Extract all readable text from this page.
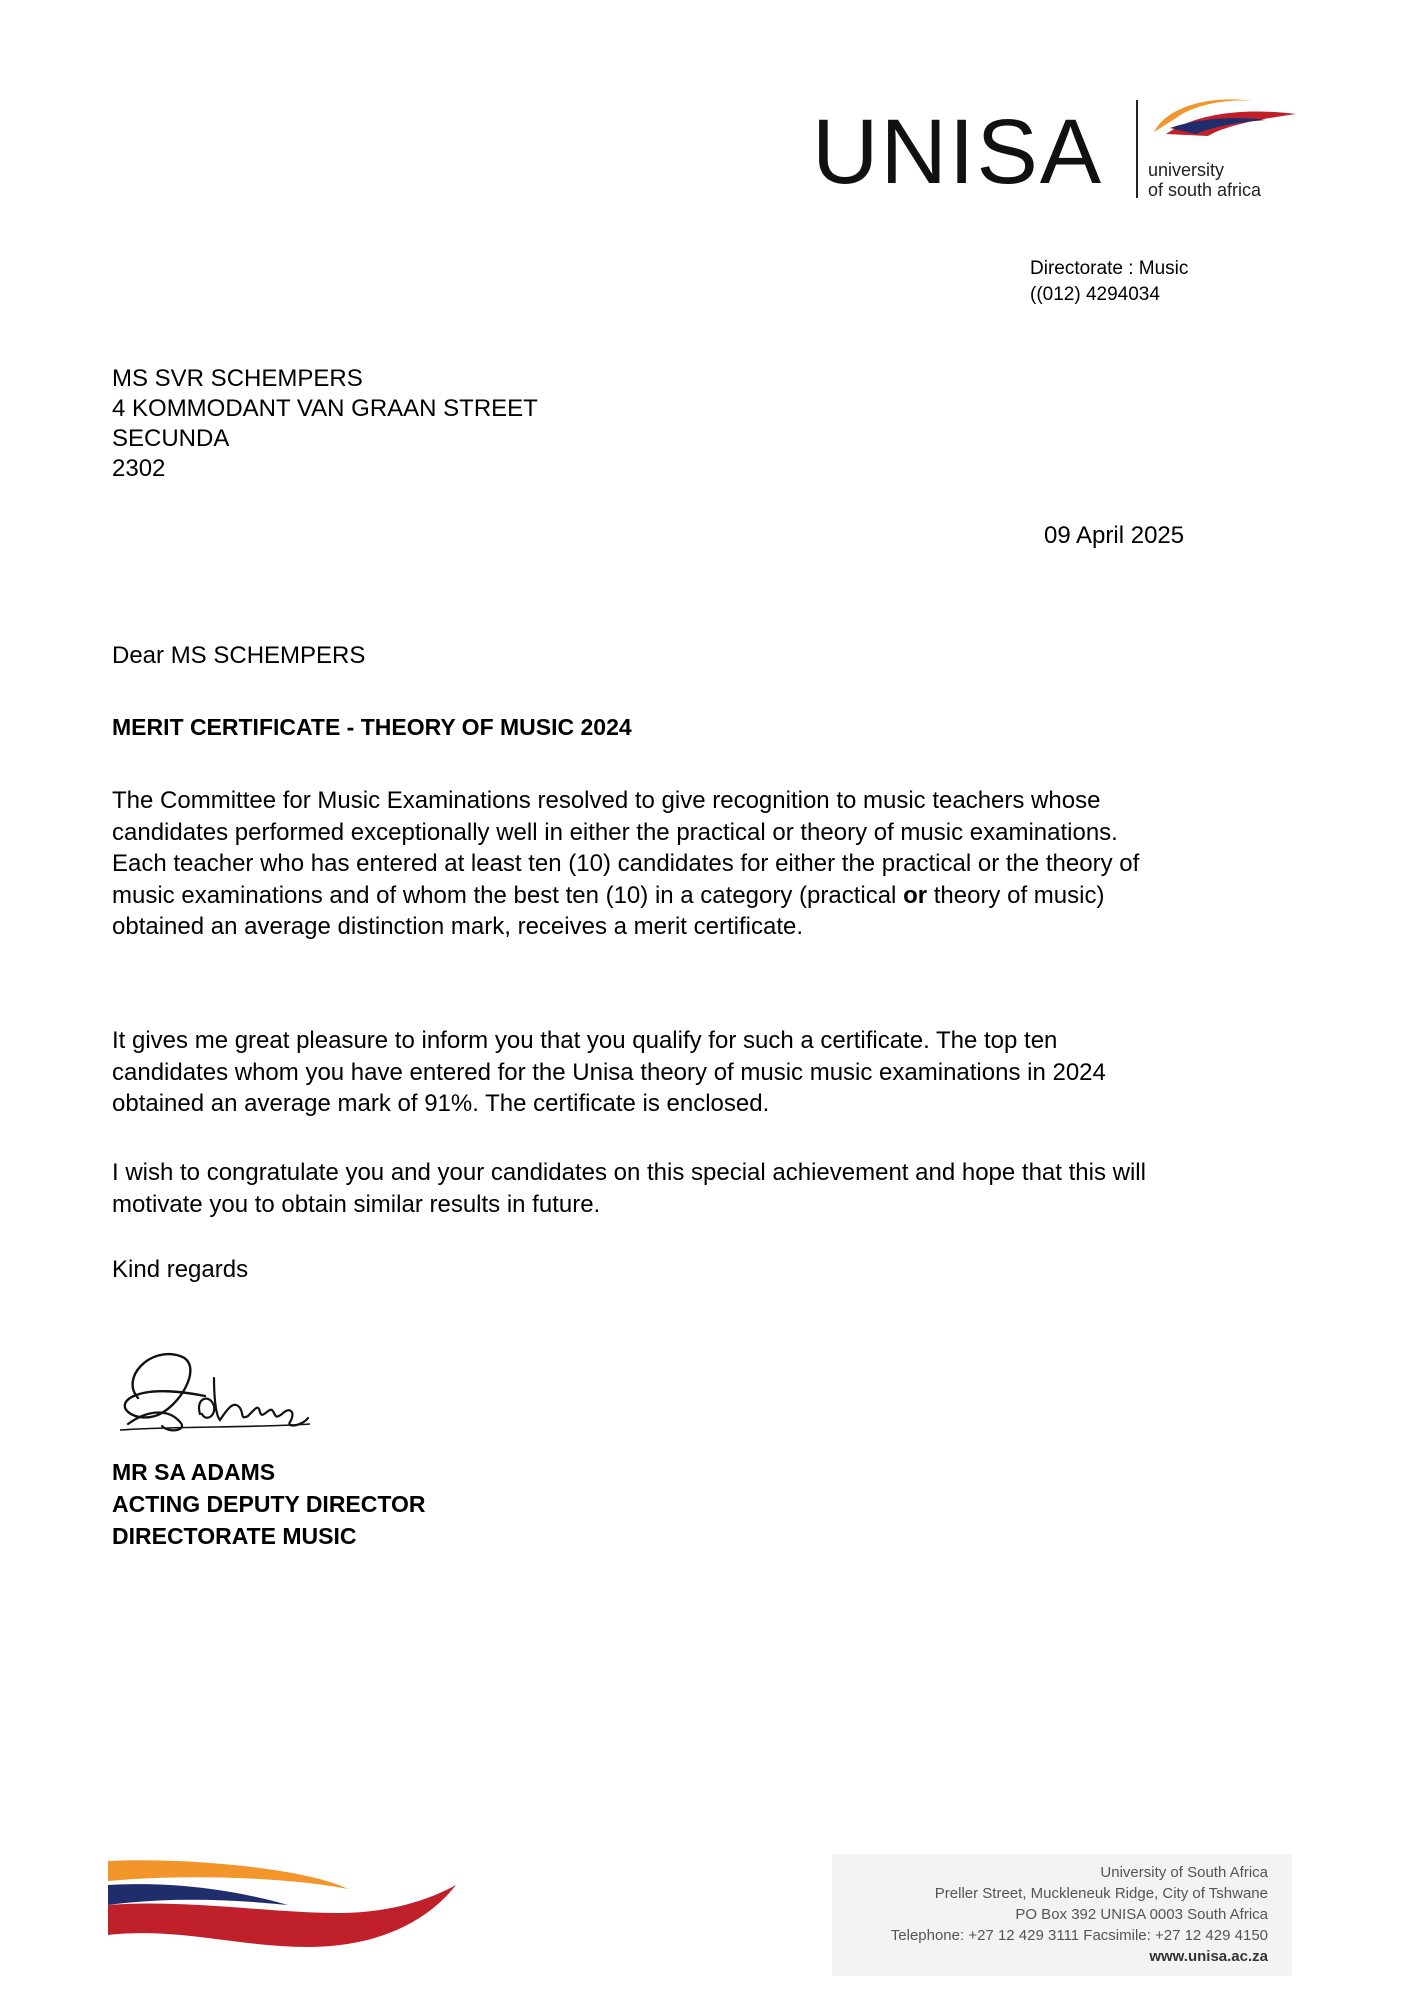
UNISA university
of south africa
Directorate : Music
((012) 4294034
MS SVR SCHEMPERS
4 KOMMODANT VAN GRAAN STREET
SECUNDA
2302
09 April 2025
Dear MS SCHEMPERS
MERIT CERTIFICATE - THEORY OF MUSIC 2024
The Committee for Music Examinations resolved to give recognition to music teachers whose candidates performed exceptionally well in either the practical or theory of music examinations. Each teacher who has entered at least ten (10) candidates for either the practical or the theory of music examinations and of whom the best ten (10) in a category (practical or theory of music) obtained an average distinction mark, receives a merit certificate.
It gives me great pleasure to inform you that you qualify for such a certificate. The top ten candidates whom you have entered for the Unisa theory of music music examinations in 2024 obtained an average mark of 91%. The certificate is enclosed.
I wish to congratulate you and your candidates on this special achievement and hope that this will motivate you to obtain similar results in future.
Kind regards
MR SA ADAMS
ACTING DEPUTY DIRECTOR
DIRECTORATE MUSIC
University of South Africa
Preller Street, Muckleneuk Ridge, City of Tshwane
PO Box 392 UNISA 0003 South Africa
Telephone: +27 12 429 3111 Facsimile: +27 12 429 4150
www.unisa.ac.za
